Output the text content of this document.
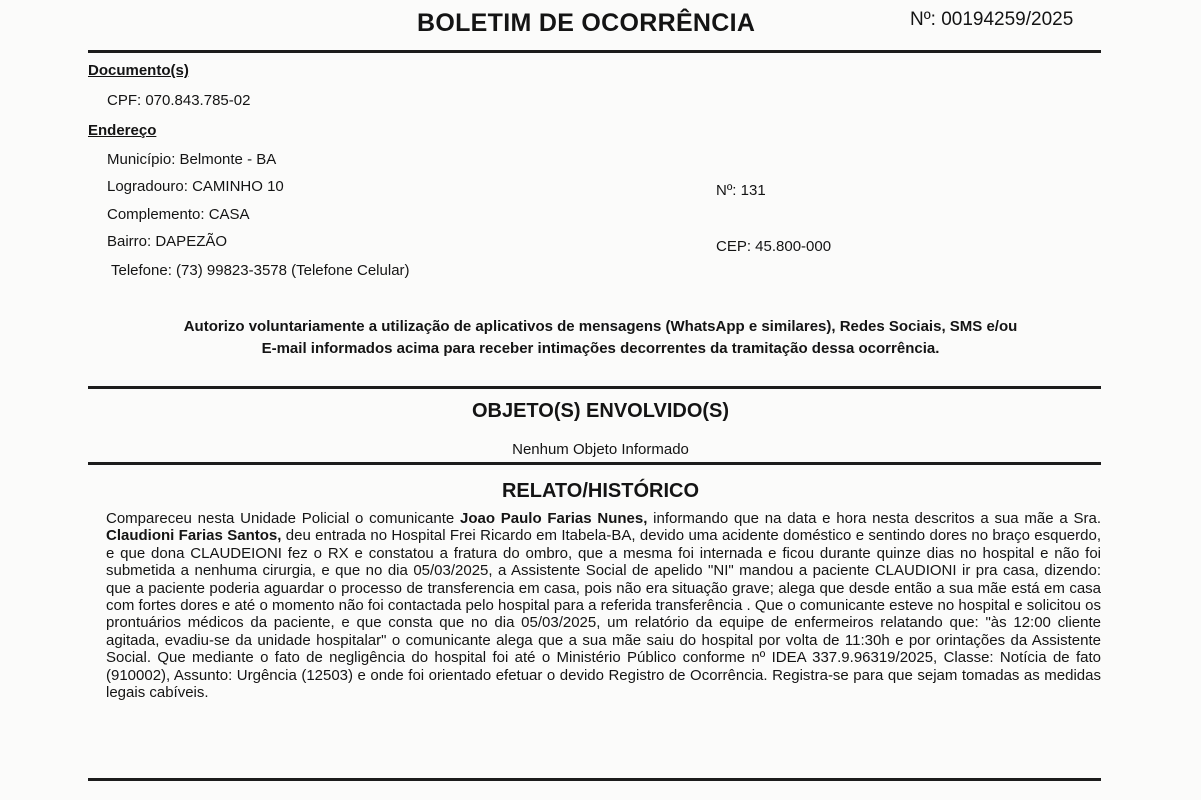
BOLETIM DE OCORRÊNCIA	Nº: 00194259/2025
Documento(s)
CPF: 070.843.785-02
Endereço
Município: Belmonte - BA
Logradouro: CAMINHO 10	Nº: 131
Complemento: CASA
Bairro: DAPEZÃO	CEP: 45.800-000
Telefone: (73) 99823-3578 (Telefone Celular)
Autorizo voluntariamente a utilização de aplicativos de mensagens (WhatsApp e similares), Redes Sociais, SMS e/ou
E-mail informados acima para receber intimações decorrentes da tramitação dessa ocorrência.
OBJETO(S) ENVOLVIDO(S)
Nenhum Objeto Informado
RELATO/HISTÓRICO
Compareceu nesta Unidade Policial o comunicante Joao Paulo Farias Nunes, informando que na data e hora nesta descritos a sua mãe a Sra. Claudioni Farias Santos, deu entrada no Hospital Frei Ricardo em Itabela-BA, devido uma acidente doméstico e sentindo dores no braço esquerdo, e que dona CLAUDEIONI fez o RX e constatou a fratura do ombro, que a mesma foi internada e ficou durante quinze dias no hospital e não foi submetida a nenhuma cirurgia, e que no dia 05/03/2025, a Assistente Social de apelido "NI" mandou a paciente CLAUDIONI ir pra casa, dizendo: que a paciente poderia aguardar o processo de transferencia em casa, pois não era situação grave; alega que desde então a sua mãe está em casa com fortes dores e até o momento não foi contactada pelo hospital para a referida transferência . Que o comunicante esteve no hospital e solicitou os prontuários médicos da paciente, e que consta que no dia 05/03/2025, um relatório da equipe de enfermeiros relatando que: "às 12:00 cliente agitada, evadiu-se da unidade hospitalar" o comunicante alega que a sua mãe saiu do hospital por volta de 11:30h e por orintações da Assistente Social. Que mediante o fato de negligência do hospital foi até o Ministério Público conforme nº IDEA 337.9.96319/2025, Classe: Notícia de fato (910002), Assunto: Urgência (12503) e onde foi orientado efetuar o devido Registro de Ocorrência. Registra-se para que sejam tomadas as medidas legais cabíveis.
